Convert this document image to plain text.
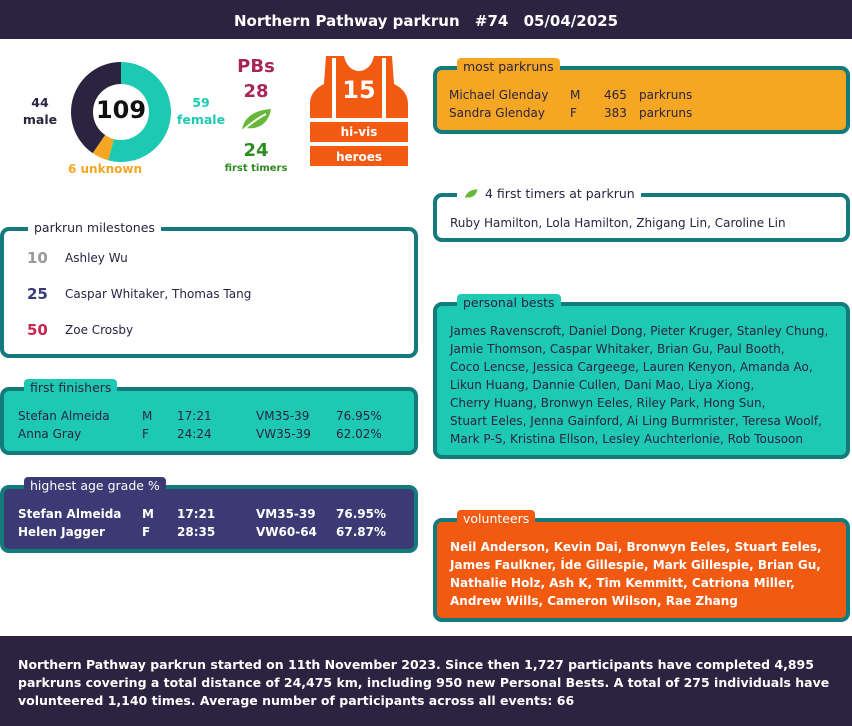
Northern Pathway parkrun #74 05/04/2025
44
male 109	59
female
6 unknown
PBs
28
24
first timers
15
hi-vis
heroes
most parkruns
Michael Glenday	M	465	parkruns
Sandra Glenday	F	383	parkruns
4 first timers at parkrun
Ruby Hamilton, Lola Hamilton, Zhigang Lin, Caroline Lin
parkrun milestones
10	Ashley Wu
25	Caspar Whitaker, Thomas Tang
50	Zoe Crosby
personal bests
James Ravenscroft, Daniel Dong, Pieter Kruger, Stanley Chung,
Jamie Thomson, Caspar Whitaker, Brian Gu, Paul Booth,
Coco Lencse, Jessica Cargeege, Lauren Kenyon, Amanda Ao,
Likun Huang, Dannie Cullen, Dani Mao, Liya Xiong,
Cherry Huang, Bronwyn Eeles, Riley Park, Hong Sun,
Stuart Eeles, Jenna Gainford, Ai Ling Burmrister, Teresa Woolf,
Mark P-S, Kristina Ellson, Lesley Auchterlonie, Rob Tousoon
first finishers
Stefan Almeida	M	17:21	VM35-39	76.95%
Anna Gray	F	24:24	VW35-39	62.02%
highest age grade %
Stefan Almeida	M	17:21	VM35-39	76.95%
Helen Jagger	F	28:35	VW60-64	67.87%
volunteers
Neil Anderson, Kevin Dai, Bronwyn Eeles, Stuart Eeles,
James Faulkner, Íde Gillespie, Mark Gillespie, Brian Gu,
Nathalie Holz, Ash K, Tim Kemmitt, Catriona Miller,
Andrew Wills, Cameron Wilson, Rae Zhang
Northern Pathway parkrun started on 11th November 2023. Since then 1,727 participants have completed 4,895 parkruns covering a total distance of 24,475 km, including 950 new Personal Bests. A total of 275 individuals have volunteered 1,140 times. Average number of participants across all events: 66
